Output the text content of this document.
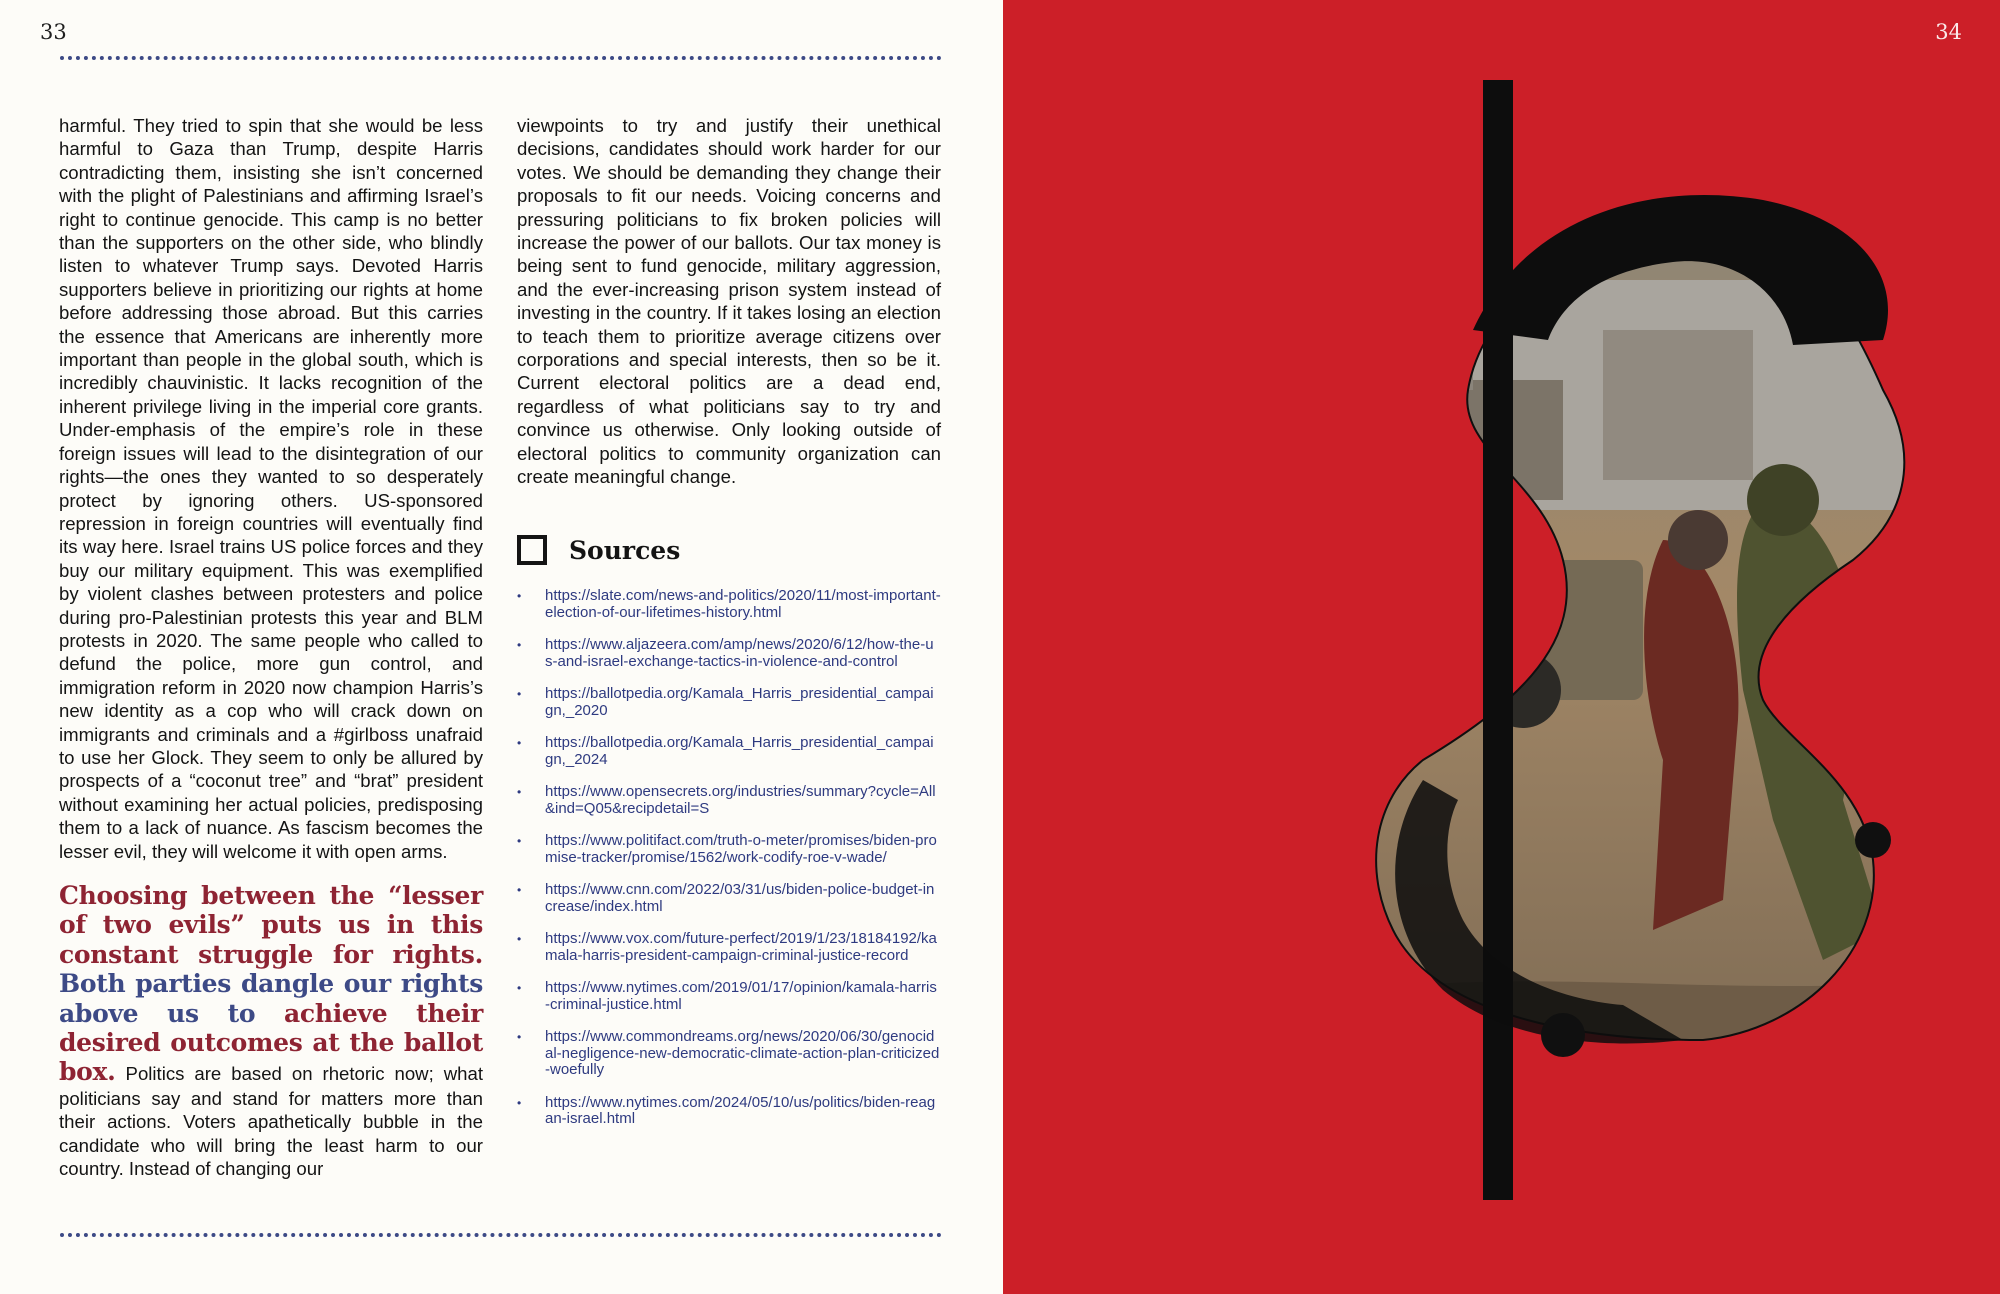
33

harmful. They tried to spin that she would be less harmful to Gaza than Trump, despite Harris contradicting them, insisting she isn’t concerned with the plight of Palestinians and affirming Israel’s right to continue genocide. This camp is no better than the supporters on the other side, who blindly listen to whatever Trump says. Devoted Harris supporters believe in prioritizing our rights at home before addressing those abroad. But this carries the essence that Americans are inherently more important than people in the global south, which is incredibly chauvinistic. It lacks recognition of the inherent privilege living in the imperial core grants. Under-emphasis of the empire’s role in these foreign issues will lead to the disintegration of our rights—the ones they wanted to so desperately protect by ignoring others. US-sponsored repression in foreign countries will eventually find its way here. Israel trains US police forces and they buy our military equipment. This was exemplified by violent clashes between protesters and police during pro-Palestinian protests this year and BLM protests in 2020. The same people who called to defund the police, more gun control, and immigration reform in 2020 now champion Harris’s new identity as a cop who will crack down on immigrants and criminals and a #girlboss unafraid to use her Glock. They seem to only be allured by prospects of a “coconut tree” and “brat” president without examining her actual policies, predisposing them to a lack of nuance. As fascism becomes the lesser evil, they will welcome it with open arms.

Choosing between the “lesser of two evils” puts us in this constant struggle for rights. Both parties dangle our rights above us to achieve their desired outcomes at the ballot box. Politics are based on rhetoric now; what politicians say and stand for matters more than their actions. Voters apathetically bubble in the candidate who will bring the least harm to our country. Instead of changing our

viewpoints to try and justify their unethical decisions, candidates should work harder for our votes. We should be demanding they change their proposals to fit our needs. Voicing concerns and pressuring politicians to fix broken policies will increase the power of our ballots. Our tax money is being sent to fund genocide, military aggression, and the ever-increasing prison system instead of investing in the country. If it takes losing an election to teach them to prioritize average citizens over corporations and special interests, then so be it. Current electoral politics are a dead end, regardless of what politicians say to try and convince us otherwise. Only looking outside of electoral politics to community organization can create meaningful change.

Sources
• https://slate.com/news-and-politics/2020/11/most-important-election-of-our-lifetimes-history.html
• https://www.aljazeera.com/amp/news/2020/6/12/how-the-us-and-israel-exchange-tactics-in-violence-and-control
• https://ballotpedia.org/Kamala_Harris_presidential_campaign,_2020
• https://ballotpedia.org/Kamala_Harris_presidential_campaign,_2024
• https://www.opensecrets.org/industries/summary?cycle=All&ind=Q05&recipdetail=S
• https://www.politifact.com/truth-o-meter/promises/biden-promise-tracker/promise/1562/work-codify-roe-v-wade/
• https://www.cnn.com/2022/03/31/us/biden-police-budget-increase/index.html
• https://www.vox.com/future-perfect/2019/1/23/18184192/kamala-harris-president-campaign-criminal-justice-record
• https://www.nytimes.com/2019/01/17/opinion/kamala-harris-criminal-justice.html
• https://www.commondreams.org/news/2020/06/30/genocidal-negligence-new-democratic-climate-action-plan-criticized-woefully
• https://www.nytimes.com/2024/05/10/us/politics/biden-reagan-israel.html
34
